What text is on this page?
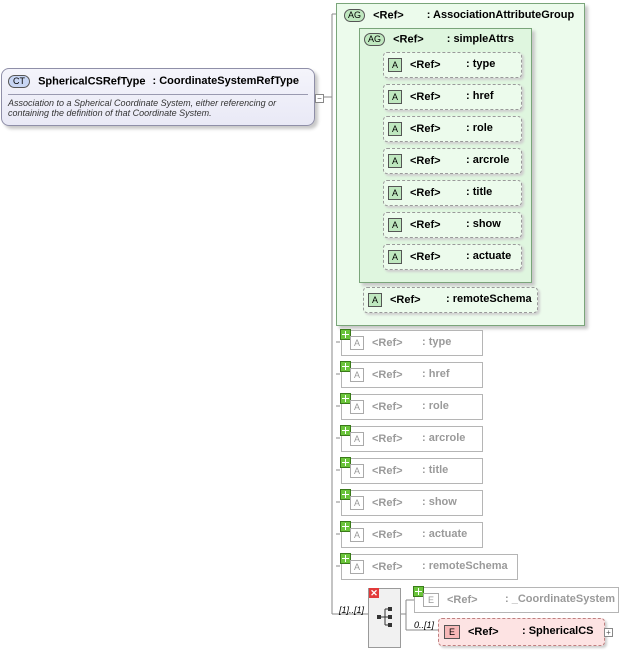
CT SphericalCSRefType : CoordinateSystemRefType
Association to a Spherical Coordinate System, either referencing or containing the definition of that Coordinate System.
−
AG <Ref> : AssociationAttributeGroup
AG <Ref> : simpleAttrs
A <Ref> : type
A <Ref> : href
A <Ref> : role
A <Ref> : arcrole
A <Ref> : title
A <Ref> : show
A <Ref> : actuate
A <Ref> : remoteSchema
A <Ref> : type
A <Ref> : href
A <Ref> : role
A <Ref> : arcrole
A <Ref> : title
A <Ref> : show
A <Ref> : actuate
A <Ref> : remoteSchema
[1]..[1]
✕
0..[1]
E <Ref> : _CoordinateSystem
E <Ref> : SphericalCS +
